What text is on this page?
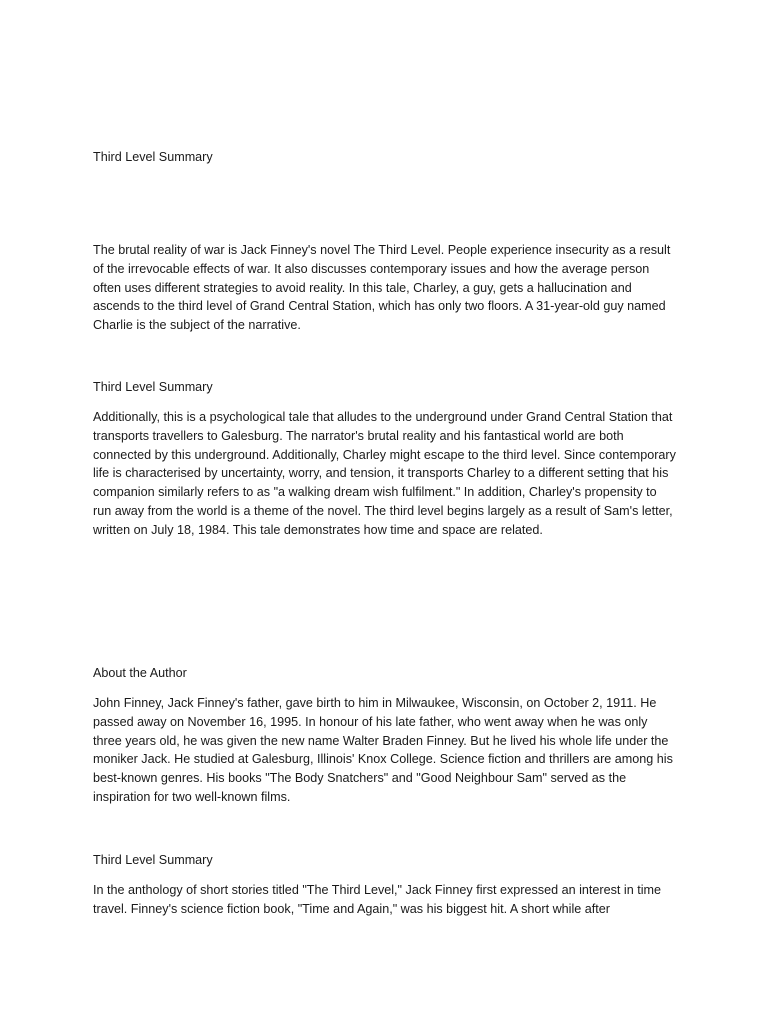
Third Level Summary

The brutal reality of war is Jack Finney's novel The Third Level. People experience insecurity as a result of the irrevocable effects of war. It also discusses contemporary issues and how the average person often uses different strategies to avoid reality. In this tale, Charley, a guy, gets a hallucination and ascends to the third level of Grand Central Station, which has only two floors. A 31-year-old guy named Charlie is the subject of the narrative.

Third Level Summary

Additionally, this is a psychological tale that alludes to the underground under Grand Central Station that transports travellers to Galesburg. The narrator's brutal reality and his fantastical world are both connected by this underground. Additionally, Charley might escape to the third level. Since contemporary life is characterised by uncertainty, worry, and tension, it transports Charley to a different setting that his companion similarly refers to as "a walking dream wish fulfilment." In addition, Charley's propensity to run away from the world is a theme of the novel. The third level begins largely as a result of Sam's letter, written on July 18, 1984. This tale demonstrates how time and space are related.

About the Author

John Finney, Jack Finney's father, gave birth to him in Milwaukee, Wisconsin, on October 2, 1911. He passed away on November 16, 1995. In honour of his late father, who went away when he was only three years old, he was given the new name Walter Braden Finney. But he lived his whole life under the moniker Jack. He studied at Galesburg, Illinois' Knox College. Science fiction and thrillers are among his best-known genres. His books "The Body Snatchers" and "Good Neighbour Sam" served as the inspiration for two well-known films.

Third Level Summary

In the anthology of short stories titled "The Third Level," Jack Finney first expressed an interest in time travel. Finney's science fiction book, "Time and Again," was his biggest hit. A short while after
